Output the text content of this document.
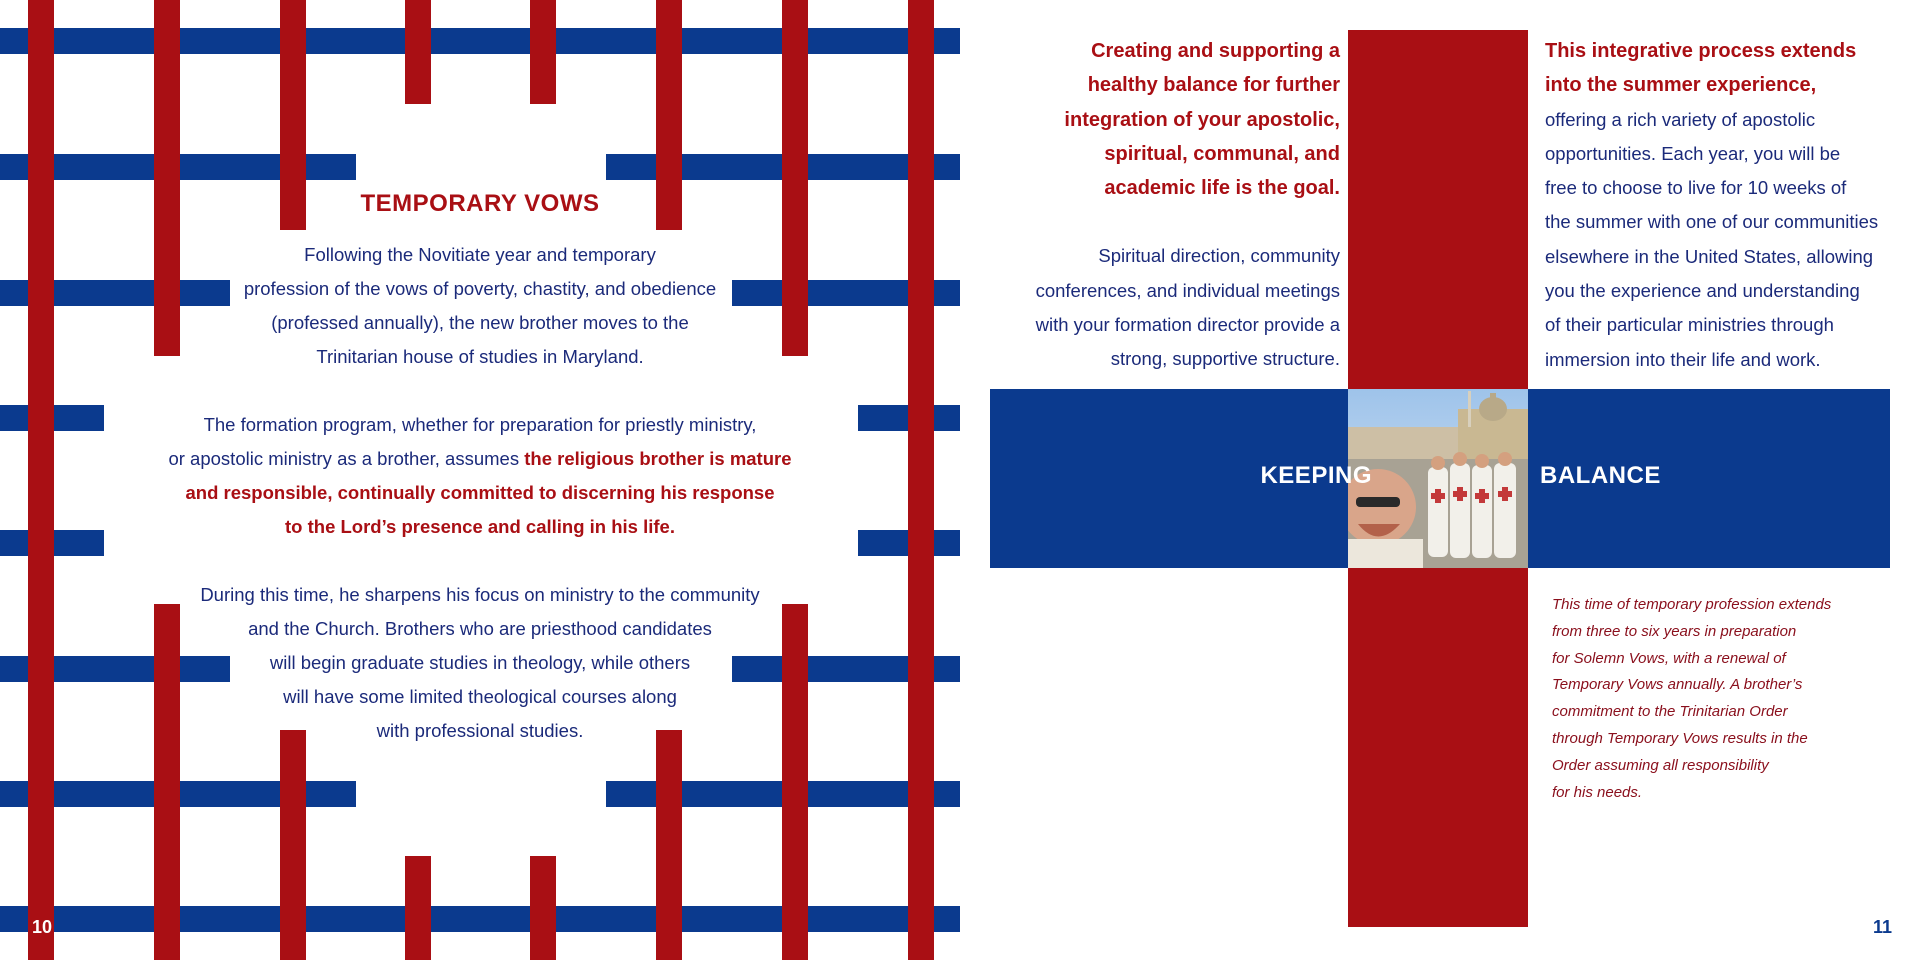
TEMPORARY VOWS
Following the Novitiate year and temporary
profession of the vows of poverty, chastity, and obedience
(professed annually), the new brother moves to the
Trinitarian house of studies in Maryland.
The formation program, whether for preparation for priestly ministry,
or apostolic ministry as a brother, assumes the religious brother is mature
and responsible, continually committed to discerning his response
to the Lord’s presence and calling in his life.
During this time, he sharpens his focus on ministry to the community
and the Church. Brothers who are priesthood candidates
will begin graduate studies in theology, while others
will have some limited theological courses along
with professional studies.
10
KEEPING	BALANCE
Creating and supporting a
healthy balance for further
integration of your apostolic,
spiritual, communal, and
academic life is the goal.
Spiritual direction, community
conferences, and individual meetings
with your formation director provide a
strong, supportive structure.
This integrative process extends
into the summer experience,
offering a rich variety of apostolic
opportunities. Each year, you will be
free to choose to live for 10 weeks of
the summer with one of our communities
elsewhere in the United States, allowing
you the experience and understanding
of their particular ministries through
immersion into their life and work.
This time of temporary profession extends
from three to six years in preparation
for Solemn Vows, with a renewal of
Temporary Vows annually. A brother’s
commitment to the Trinitarian Order
through Temporary Vows results in the
Order assuming all responsibility
for his needs.
11
